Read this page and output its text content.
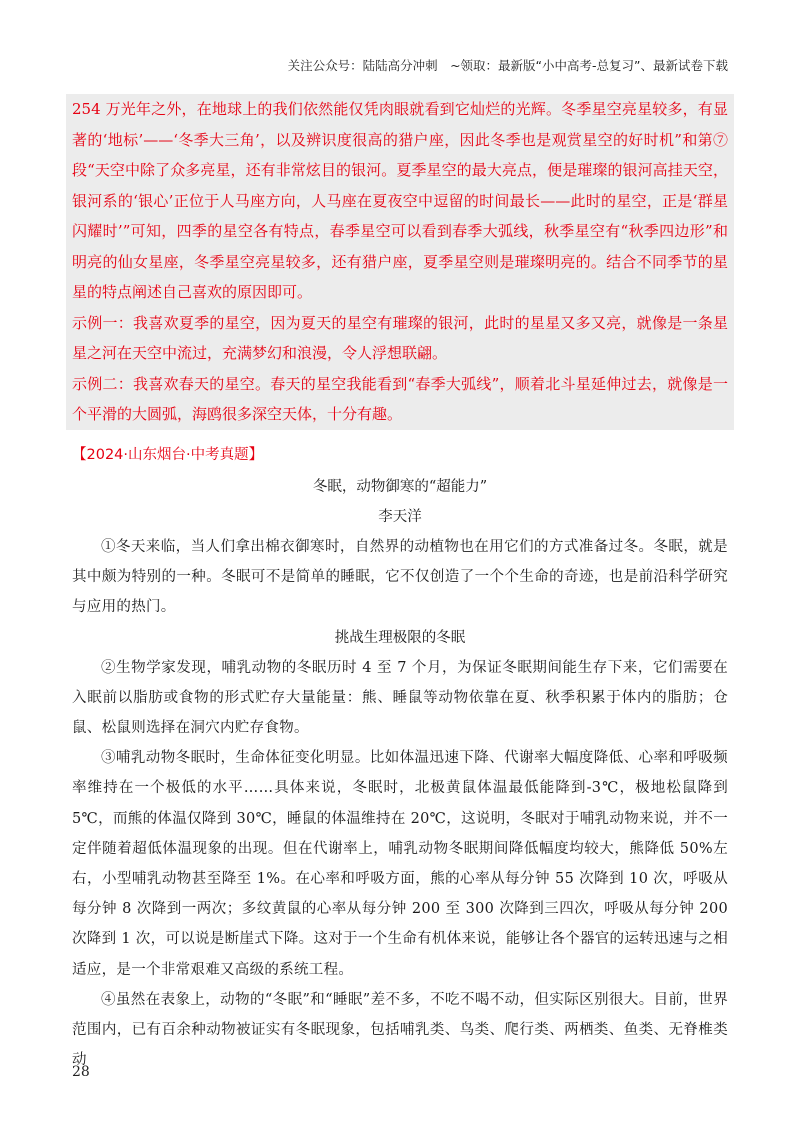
关注公众号：陆陆高分冲刺　~领取：最新版“小中高考-总复习”、最新试卷下载

254 万光年之外，在地球上的我们依然能仅凭肉眼就看到它灿烂的光辉。冬季星空亮星较多，有显著的‘地标’——‘冬季大三角’，以及辨识度很高的猎户座，因此冬季也是观赏星空的好时机”和第⑦段“天空中除了众多亮星，还有非常炫目的银河。夏季星空的最大亮点，便是璀璨的银河高挂天空，银河系的‘银心’正位于人马座方向，人马座在夏夜空中逗留的时间最长——此时的星空，正是‘群星闪耀时’”可知，四季的星空各有特点，春季星空可以看到春季大弧线，秋季星空有“秋季四边形”和明亮的仙女星座，冬季星空亮星较多，还有猎户座，夏季星空则是璀璨明亮的。结合不同季节的星星的特点阐述自己喜欢的原因即可。

示例一：我喜欢夏季的星空，因为夏天的星空有璀璨的银河，此时的星星又多又亮，就像是一条星星之河在天空中流过，充满梦幻和浪漫，令人浮想联翩。

示例二：我喜欢春天的星空。春天的星空我能看到“春季大弧线”，顺着北斗星延伸过去，就像是一个平滑的大圆弧，海鸥很多深空天体，十分有趣。

【2024·山东烟台·中考真题】

冬眠，动物御寒的“超能力”

李天洋

①冬天来临，当人们拿出棉衣御寒时，自然界的动植物也在用它们的方式准备过冬。冬眠，就是其中颇为特别的一种。冬眠可不是简单的睡眠，它不仅创造了一个个生命的奇迹，也是前沿科学研究与应用的热门。

挑战生理极限的冬眠

②生物学家发现，哺乳动物的冬眠历时 4 至 7 个月，为保证冬眠期间能生存下来，它们需要在入眠前以脂肪或食物的形式贮存大量能量：熊、睡鼠等动物依靠在夏、秋季积累于体内的脂肪；仓鼠、松鼠则选择在洞穴内贮存食物。

③哺乳动物冬眠时，生命体征变化明显。比如体温迅速下降、代谢率大幅度降低、心率和呼吸频率维持在一个极低的水平……具体来说，冬眠时，北极黄鼠体温最低能降到-3℃，极地松鼠降到 5℃，而熊的体温仅降到 30℃，睡鼠的体温维持在 20℃，这说明，冬眠对于哺乳动物来说，并不一定伴随着超低体温现象的出现。但在代谢率上，哺乳动物冬眠期间降低幅度均较大，熊降低 50%左右，小型哺乳动物甚至降至 1%。在心率和呼吸方面，熊的心率从每分钟 55 次降到 10 次，呼吸从每分钟 8 次降到一两次；多纹黄鼠的心率从每分钟 200 至 300 次降到三四次，呼吸从每分钟 200 次降到 1 次，可以说是断崖式下降。这对于一个生命有机体来说，能够让各个器官的运转迅速与之相适应，是一个非常艰难又高级的系统工程。

④虽然在表象上，动物的“冬眠”和“睡眠”差不多，不吃不喝不动，但实际区别很大。目前，世界范围内，已有百余种动物被证实有冬眠现象，包括哺乳类、鸟类、爬行类、两栖类、鱼类、无脊椎类动

28
